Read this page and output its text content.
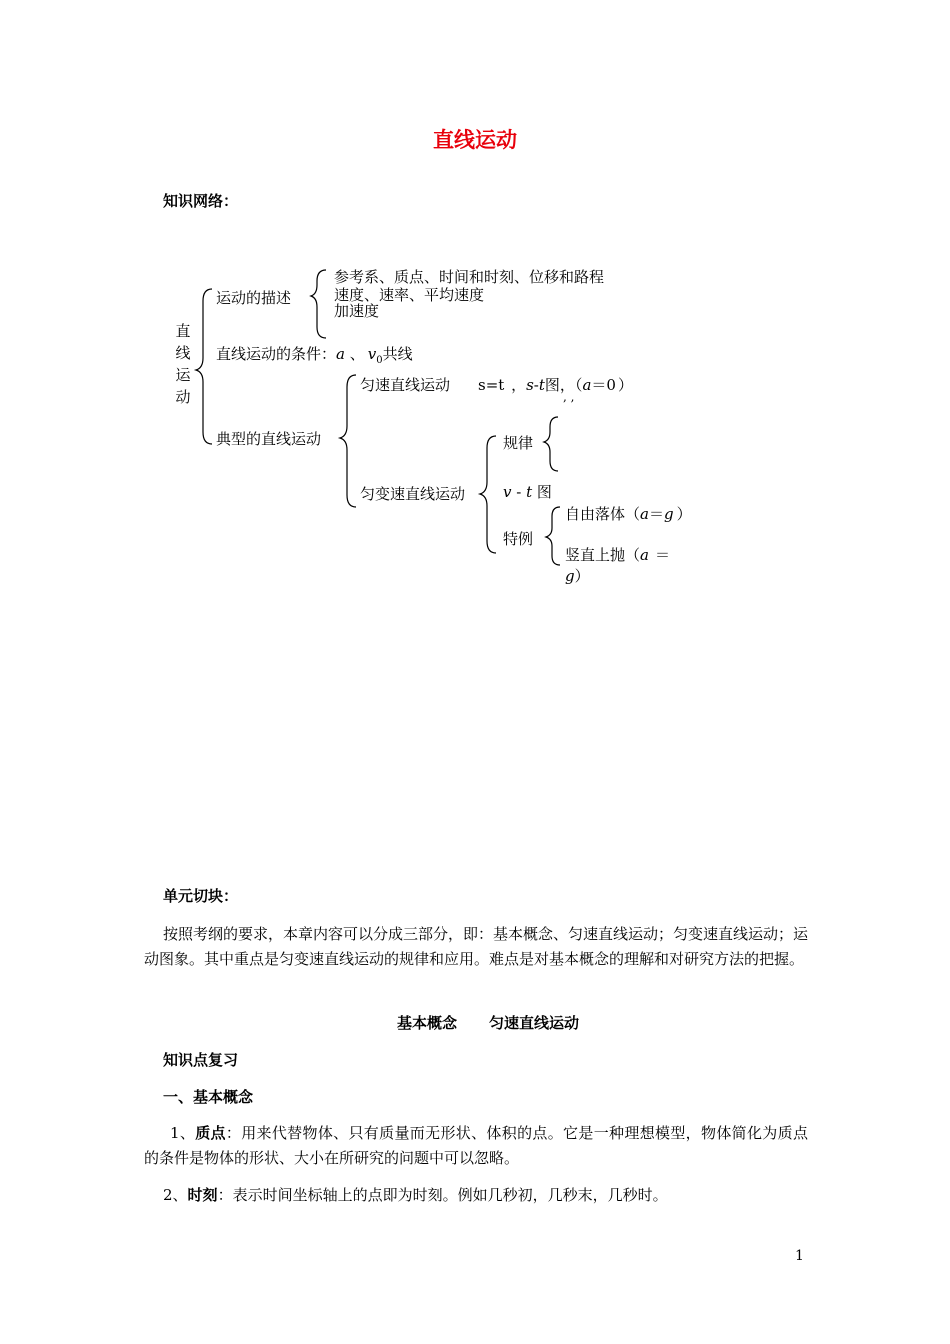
直线运动
知识网络：
直
线
运
动
运动的描述
参考系、质点、时间和时刻、位移和路程
速度、速率、平均速度
加速度
直线运动的条件：a 、 $v_0$共线
典型的直线运动
匀速直线运动 s=t ，s-t图，（a＝0 ）
, ,
匀变速直线运动
规律
v - t 图
特例
自由落体（a＝g ）
竖直上抛（a ＝
g）
单元切块：
按照考纲的要求，本章内容可以分成三部分，即：基本概念、匀速直线运动；匀变速直线运动；运动图象。其中重点是匀变速直线运动的规律和应用。难点是对基本概念的理解和对研究方法的把握。
基本概念 匀速直线运动
知识点复习
一、基本概念
1、质点：用来代替物体、只有质量而无形状、体积的点。它是一种理想模型，物体简化为质点的条件是物体的形状、大小在所研究的问题中可以忽略。
2、时刻：表示时间坐标轴上的点即为时刻。例如几秒初，几秒末，几秒时。
1
